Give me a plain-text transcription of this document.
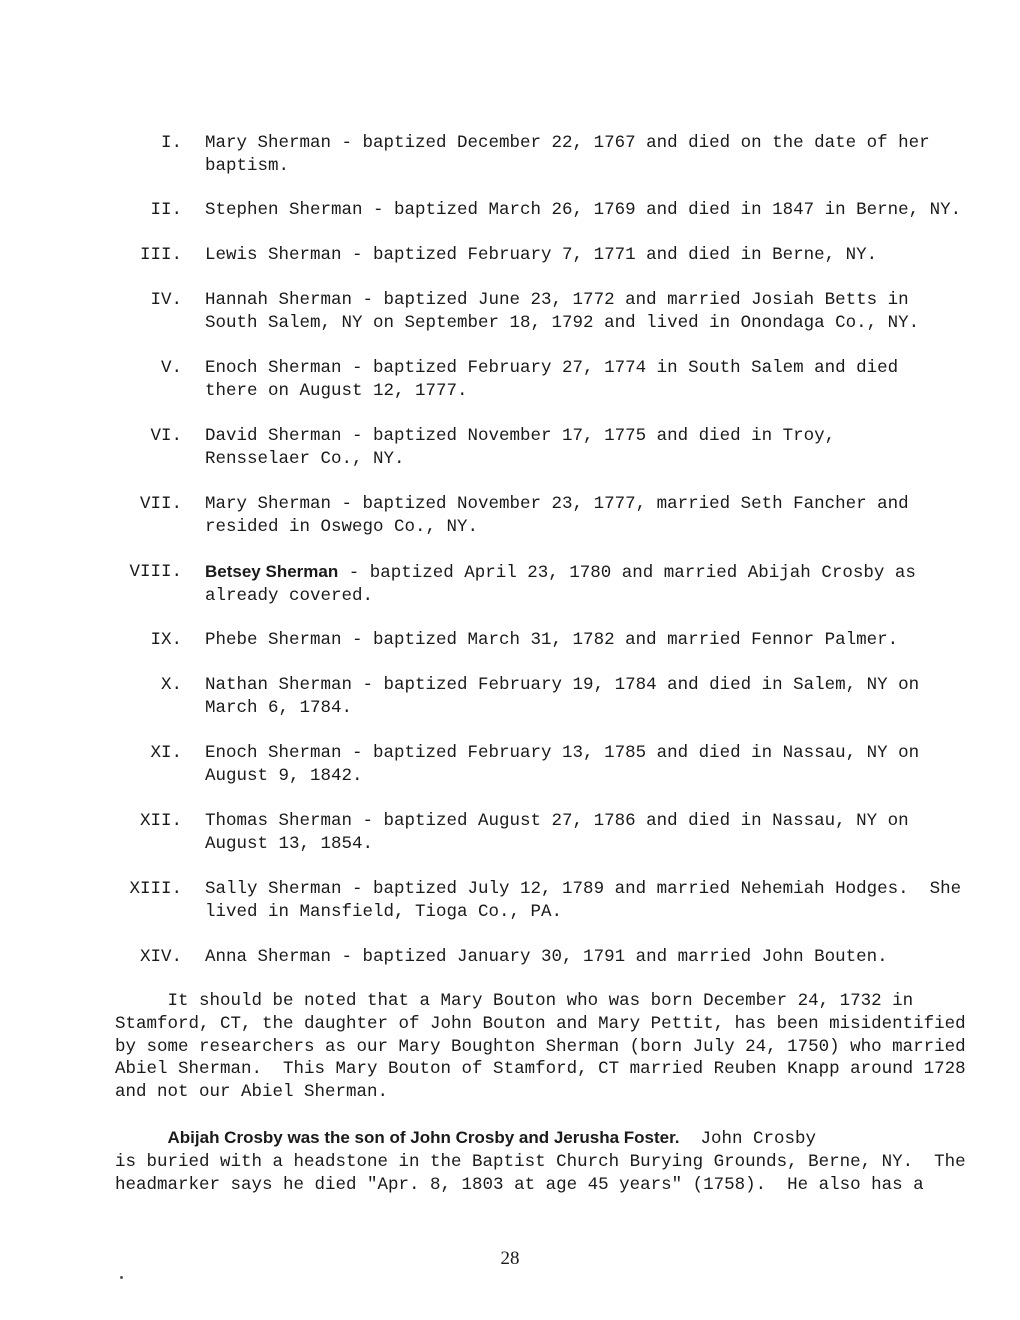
I. Mary Sherman - baptized December 22, 1767 and died on the date of her
baptism.
II. Stephen Sherman - baptized March 26, 1769 and died in 1847 in Berne, NY.
III. Lewis Sherman - baptized February 7, 1771 and died in Berne, NY.
IV. Hannah Sherman - baptized June 23, 1772 and married Josiah Betts in
South Salem, NY on September 18, 1792 and lived in Onondaga Co., NY.
V. Enoch Sherman - baptized February 27, 1774 in South Salem and died
there on August 12, 1777.
VI. David Sherman - baptized November 17, 1775 and died in Troy,
Rensselaer Co., NY.
VII. Mary Sherman - baptized November 23, 1777, married Seth Fancher and
resided in Oswego Co., NY.
VIII. Betsey Sherman - baptized April 23, 1780 and married Abijah Crosby as
already covered.
IX. Phebe Sherman - baptized March 31, 1782 and married Fennor Palmer.
X. Nathan Sherman - baptized February 19, 1784 and died in Salem, NY on
March 6, 1784.
XI. Enoch Sherman - baptized February 13, 1785 and died in Nassau, NY on
August 9, 1842.
XII. Thomas Sherman - baptized August 27, 1786 and died in Nassau, NY on
August 13, 1854.
XIII. Sally Sherman - baptized July 12, 1789 and married Nehemiah Hodges.  She
lived in Mansfield, Tioga Co., PA.
XIV. Anna Sherman - baptized January 30, 1791 and married John Bouten.
It should be noted that a Mary Bouton who was born December 24, 1732 in
Stamford, CT, the daughter of John Bouton and Mary Pettit, has been misidentified
by some researchers as our Mary Boughton Sherman (born July 24, 1750) who married
Abiel Sherman.  This Mary Bouton of Stamford, CT married Reuben Knapp around 1728
and not our Abiel Sherman.
Abijah Crosby was the son of John Crosby and Jerusha Foster.  John Crosby
is buried with a headstone in the Baptist Church Burying Grounds, Berne, NY.  The
headmarker says he died "Apr. 8, 1803 at age 45 years" (1758).  He also has a
28
